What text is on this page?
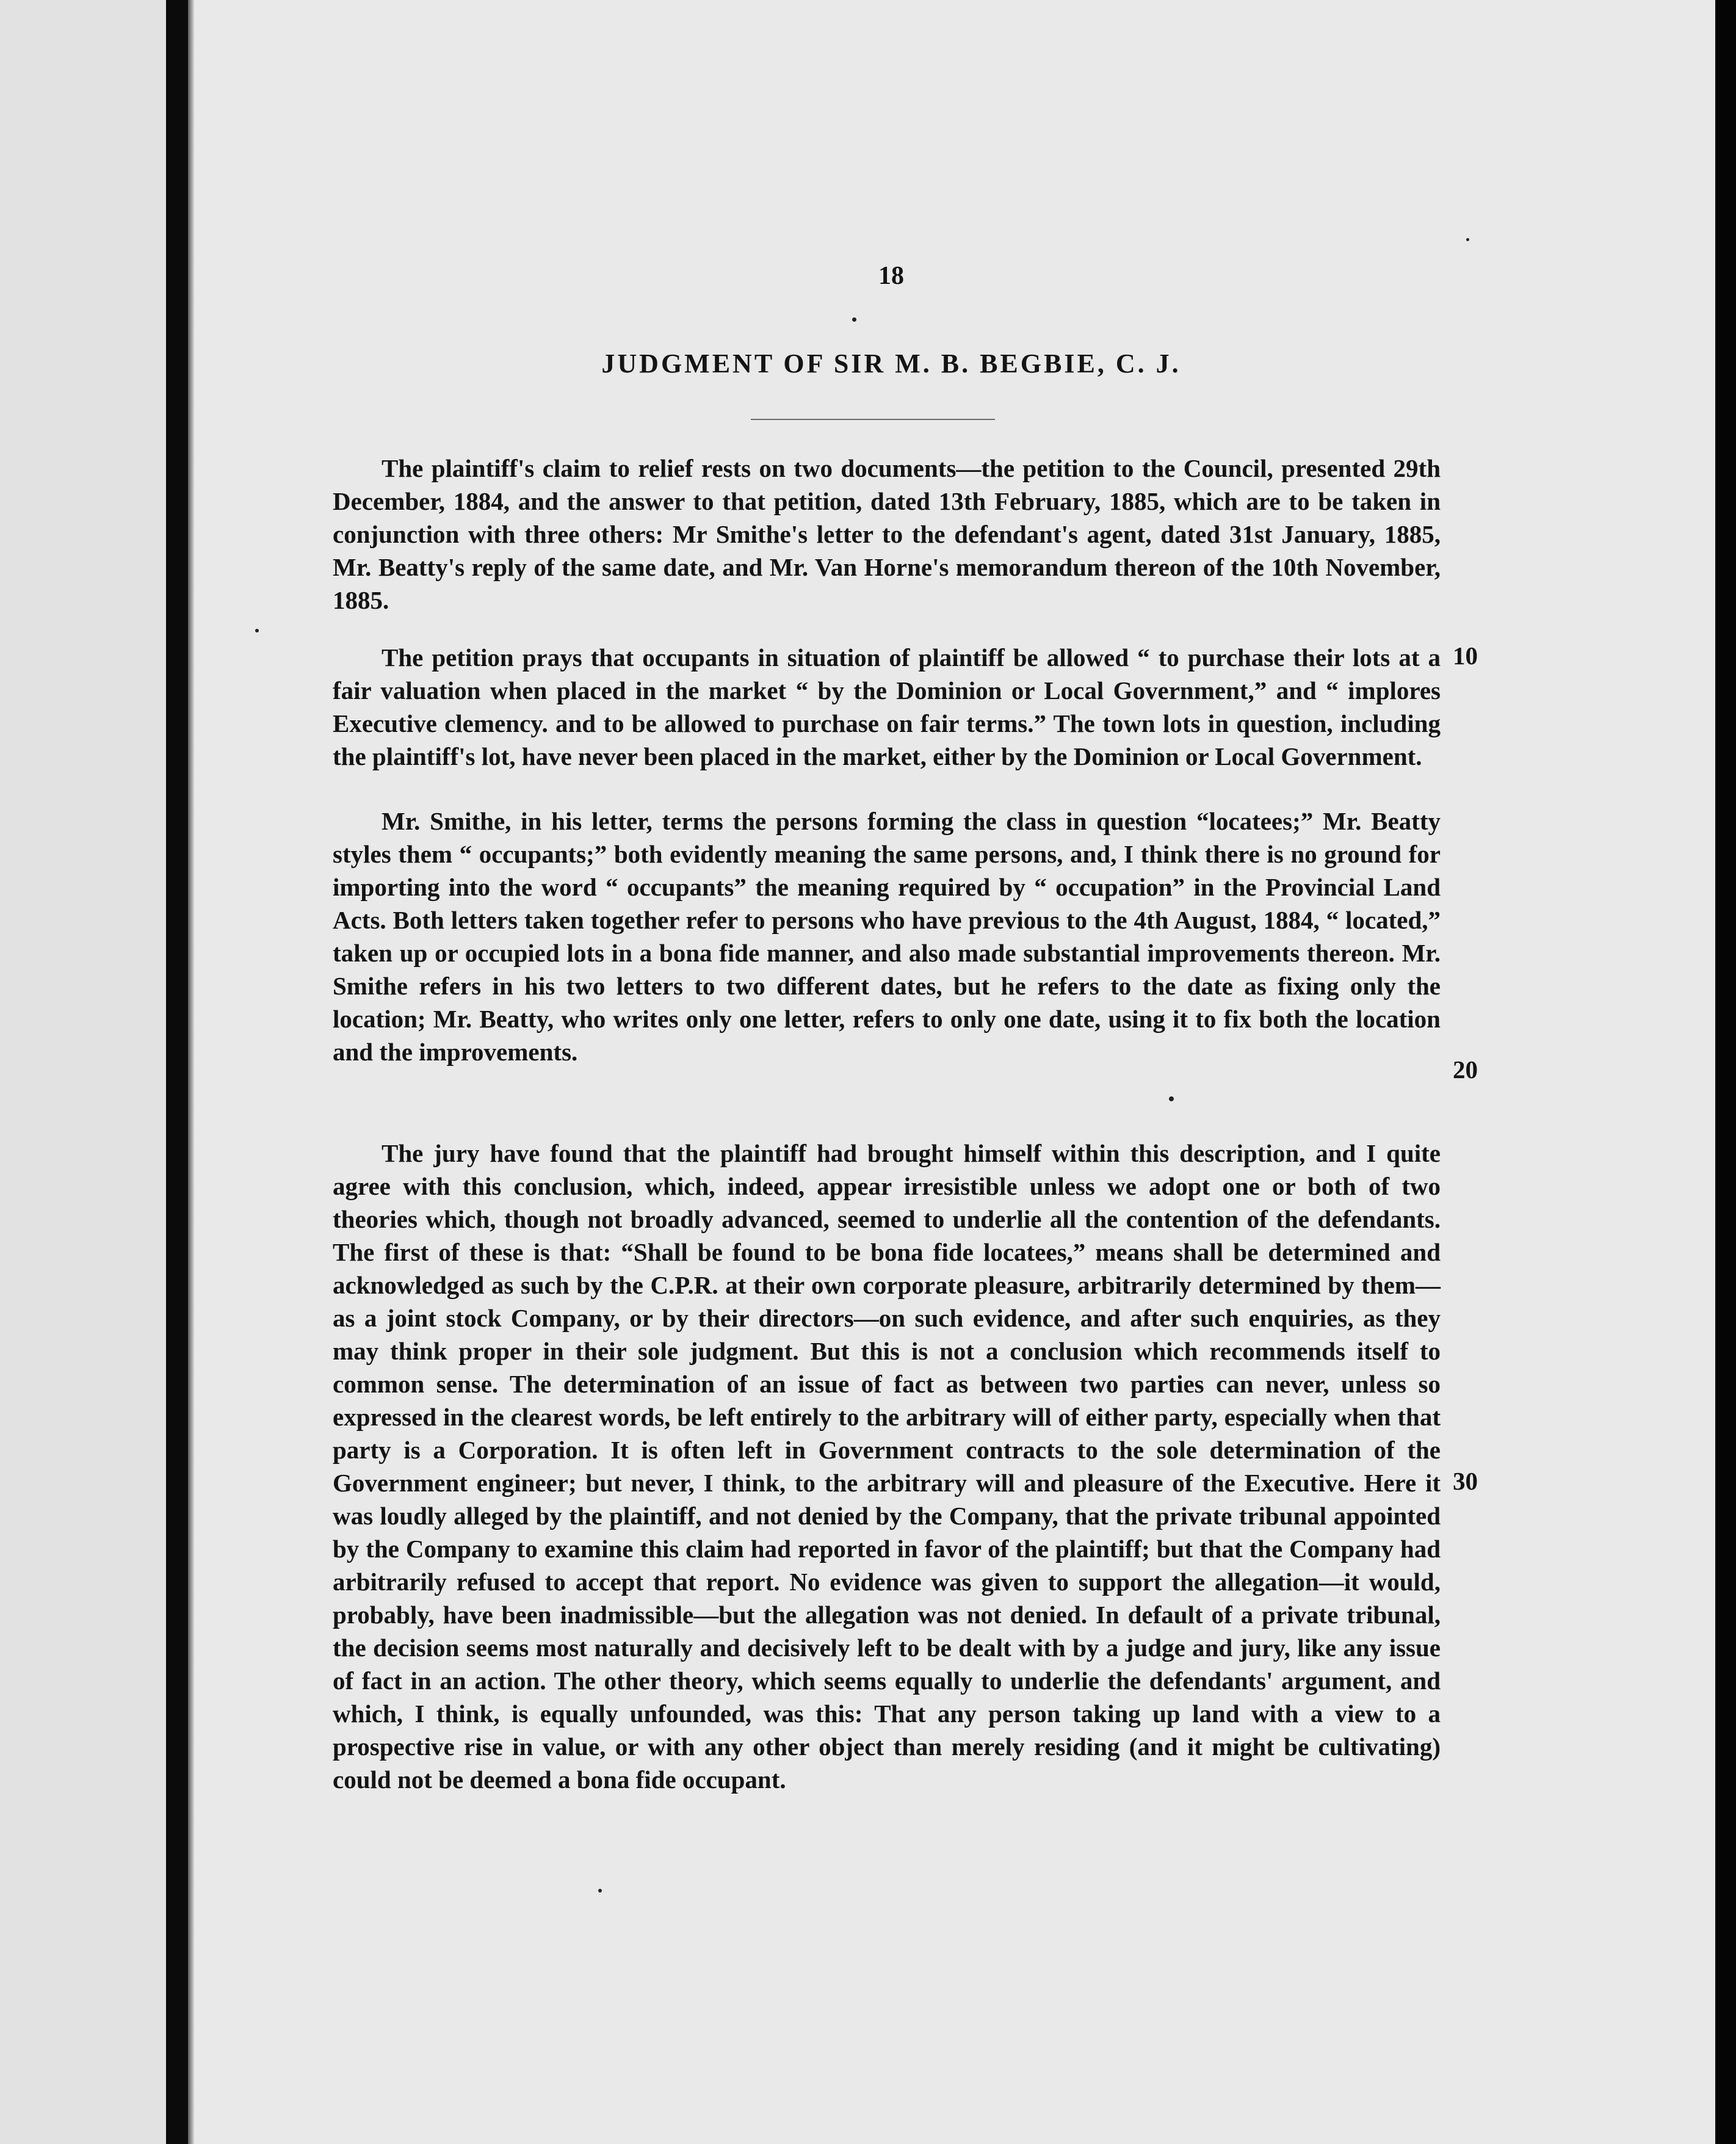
18
JUDGMENT OF SIR M. B. BEGBIE, C. J.

The plaintiff's claim to relief rests on two documents—the petition to the Council, presented 29th December, 1884, and the answer to that petition, dated 13th February, 1885, which are to be taken in conjunction with three others: Mr Smithe's letter to the defendant's agent, dated 31st January, 1885, Mr. Beatty's reply of the same date, and Mr. Van Horne's memorandum thereon of the 10th November, 1885.

The petition prays that occupants in situation of plaintiff be allowed “ to purchase their lots at a fair valuation when placed in the market “ by the Dominion or Local Government,” and “ implores Executive clemency. and to be allowed to purchase on fair terms.” The town lots in question, including the plaintiff's lot, have never been placed in the market, either by the Dominion or Local Government.

Mr. Smithe, in his letter, terms the persons forming the class in question “locatees;” Mr. Beatty styles them “ occupants;” both evidently meaning the same persons, and, I think there is no ground for importing into the word “ occupants” the meaning required by “ occupation” in the Provincial Land Acts. Both letters taken together refer to persons who have previous to the 4th August, 1884, “ located,” taken up or occupied lots in a bona fide manner, and also made substantial improvements thereon. Mr. Smithe refers in his two letters to two different dates, but he refers to the date as fixing only the location; Mr. Beatty, who writes only one letter, refers to only one date, using it to fix both the location and the improvements.

The jury have found that the plaintiff had brought himself within this description, and I quite agree with this conclusion, which, indeed, appear irresistible unless we adopt one or both of two theories which, though not broadly advanced, seemed to underlie all the contention of the defendants. The first of these is that: “Shall be found to be bona fide locatees,” means shall be determined and acknowledged as such by the C.P.R. at their own corporate pleasure, arbitrarily determined by them—as a joint stock Company, or by their directors—on such evidence, and after such enquiries, as they may think proper in their sole judgment. But this is not a conclusion which recommends itself to common sense. The determination of an issue of fact as between two parties can never, unless so expressed in the clearest words, be left entirely to the arbitrary will of either party, especially when that party is a Corporation. It is often left in Government contracts to the sole determination of the Government engineer; but never, I think, to the arbitrary will and pleasure of the Executive. Here it was loudly alleged by the plaintiff, and not denied by the Company, that the private tribunal appointed by the Company to examine this claim had reported in favor of the plaintiff; but that the Company had arbitrarily refused to accept that report. No evidence was given to support the allegation—it would, probably, have been inadmissible—but the allegation was not denied. In default of a private tribunal, the decision seems most naturally and decisively left to be dealt with by a judge and jury, like any issue of fact in an action. The other theory, which seems equally to underlie the defendants' argument, and which, I think, is equally unfounded, was this: That any person taking up land with a view to a prospective rise in value, or with any other object than merely residing (and it might be cultivating) could not be deemed a bona fide occupant.

10
20
30
